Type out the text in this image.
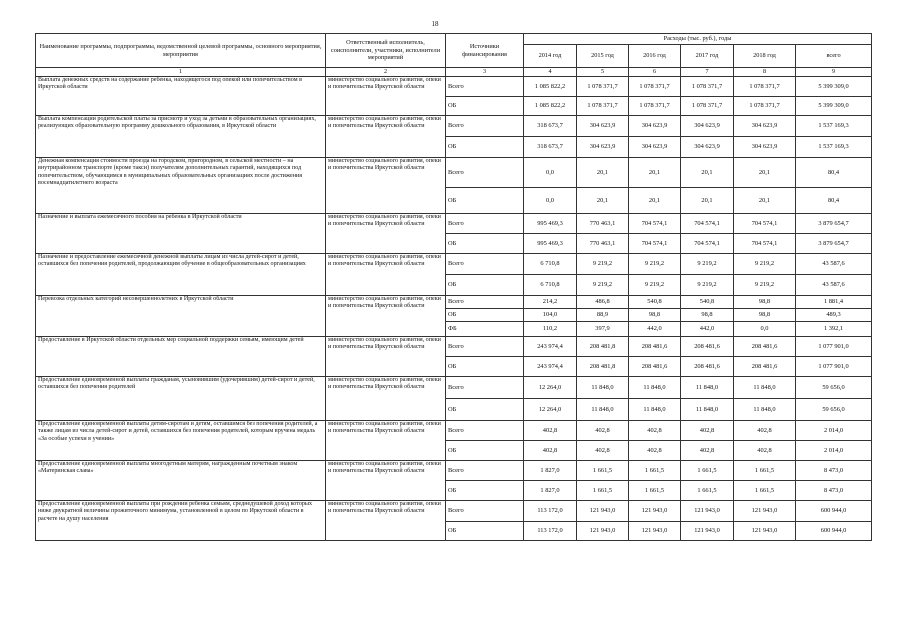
18
Наименование программы, подпрограммы, ведомственной целевой программы, основного мероприятия, мероприятия	Ответственный исполнитель, соисполнители, участники, исполнители мероприятий	Источники финансирования	Расходы (тыс. руб.), годы					
			2014 год	2015 год	2016 год	2017 год	2018 год	всего
1	2	3	4	5	6	7	8	9
Выплата денежных средств на содержание ребенка, находящегося под опекой или попечительством в Иркутской области	министерство социального развития, опеки и попечительства Иркутской области	Всего	1 085 822,2	1 078 371,7	1 078 371,7	1 078 371,7	1 078 371,7	5 399 309,0
		ОБ	1 085 822,2	1 078 371,7	1 078 371,7	1 078 371,7	1 078 371,7	5 399 309,0
Выплата компенсации родительской платы за присмотр и уход за детьми в образовательных организациях, реализующих образовательную программу дошкольного образования, в Иркутской области	министерство социального развития, опеки и попечительства Иркутской области	Всего	318 673,7	304 623,9	304 623,9	304 623,9	304 623,9	1 537 169,3
		ОБ	318 673,7	304 623,9	304 623,9	304 623,9	304 623,9	1 537 169,3
Денежная компенсация стоимости проезда на городском, пригородном, в сельской местности – на внутрирайонном транспорте (кроме такси) получателям дополнительных гарантий, находящихся под попечительством, обучающимся в муниципальных образовательных организациях после достижения восемнадцатилетнего возраста	министерство социального развития, опеки и попечительства Иркутской области	Всего	0,0	20,1	20,1	20,1	20,1	80,4
		ОБ	0,0	20,1	20,1	20,1	20,1	80,4
Назначение и выплата ежемесячного пособия на ребенка в Иркутской области	министерство социального развития, опеки и попечительства Иркутской области	Всего	995 469,3	770 463,1	704 574,1	704 574,1	704 574,1	3 879 654,7
		ОБ	995 469,3	770 463,1	704 574,1	704 574,1	704 574,1	3 879 654,7
Назначение и предоставление ежемесячной денежной выплаты лицам из числа детей-сирот и детей, оставшихся без попечения родителей, продолжающим обучение в общеобразовательных организациях	министерство социального развития, опеки и попечительства Иркутской области	Всего	6 710,8	9 219,2	9 219,2	9 219,2	9 219,2	43 587,6
		ОБ	6 710,8	9 219,2	9 219,2	9 219,2	9 219,2	43 587,6
Перевозка отдельных категорий несовершеннолетних в Иркутской области	министерство социального развития, опеки и попечительства Иркутской области	Всего	214,2	486,8	540,8	540,8	98,8	1 881,4
		ОБ	104,0	88,9	98,8	98,8	98,8	489,3
		ФБ	110,2	397,9	442,0	442,0	0,0	1 392,1
Предоставление в Иркутской области отдельных мер социальной поддержки семьям, имеющим детей	министерство социального развития, опеки и попечительства Иркутской области	Всего	243 974,4	208 481,8	208 481,6	208 481,6	208 481,6	1 077 901,0
		ОБ	243 974,4	208 481,8	208 481,6	208 481,6	208 481,6	1 077 901,0
Предоставление единовременной выплаты гражданам, усыновившим (удочерившим) детей-сирот и детей, оставшихся без попечения родителей	министерство социального развития, опеки и попечительства Иркутской области	Всего	12 264,0	11 848,0	11 848,0	11 848,0	11 848,0	59 656,0
		ОБ	12 264,0	11 848,0	11 848,0	11 848,0	11 848,0	59 656,0
Предоставление единовременной выплаты детям-сиротам и детям, оставшимся без попечения родителей, а также лицам из числа детей-сирот и детей, оставшихся без попечения родителей, которым вручена медаль «За особые успехи в учении»	министерство социального развития, опеки и попечительства Иркутской области	Всего	402,8	402,8	402,8	402,8	402,8	2 014,0
		ОБ	402,8	402,8	402,8	402,8	402,8	2 014,0
Предоставление единовременной выплаты многодетным матерям, награжденным почетным знаком «Материнская слава»	министерство социального развития, опеки и попечительства Иркутской области	Всего	1 827,0	1 661,5	1 661,5	1 661,5	1 661,5	8 473,0
		ОБ	1 827,0	1 661,5	1 661,5	1 661,5	1 661,5	8 473,0
Предоставление единовременной выплаты при рождении ребенка семьям, среднедушевой доход которых ниже двукратной величины прожиточного минимума, установленной в целом по Иркутской области в расчете на душу населения	министерство социального развития, опеки и попечительства Иркутской области	Всего	113 172,0	121 943,0	121 943,0	121 943,0	121 943,0	600 944,0
		ОБ	113 172,0	121 943,0	121 943,0	121 943,0	121 943,0	600 944,0
